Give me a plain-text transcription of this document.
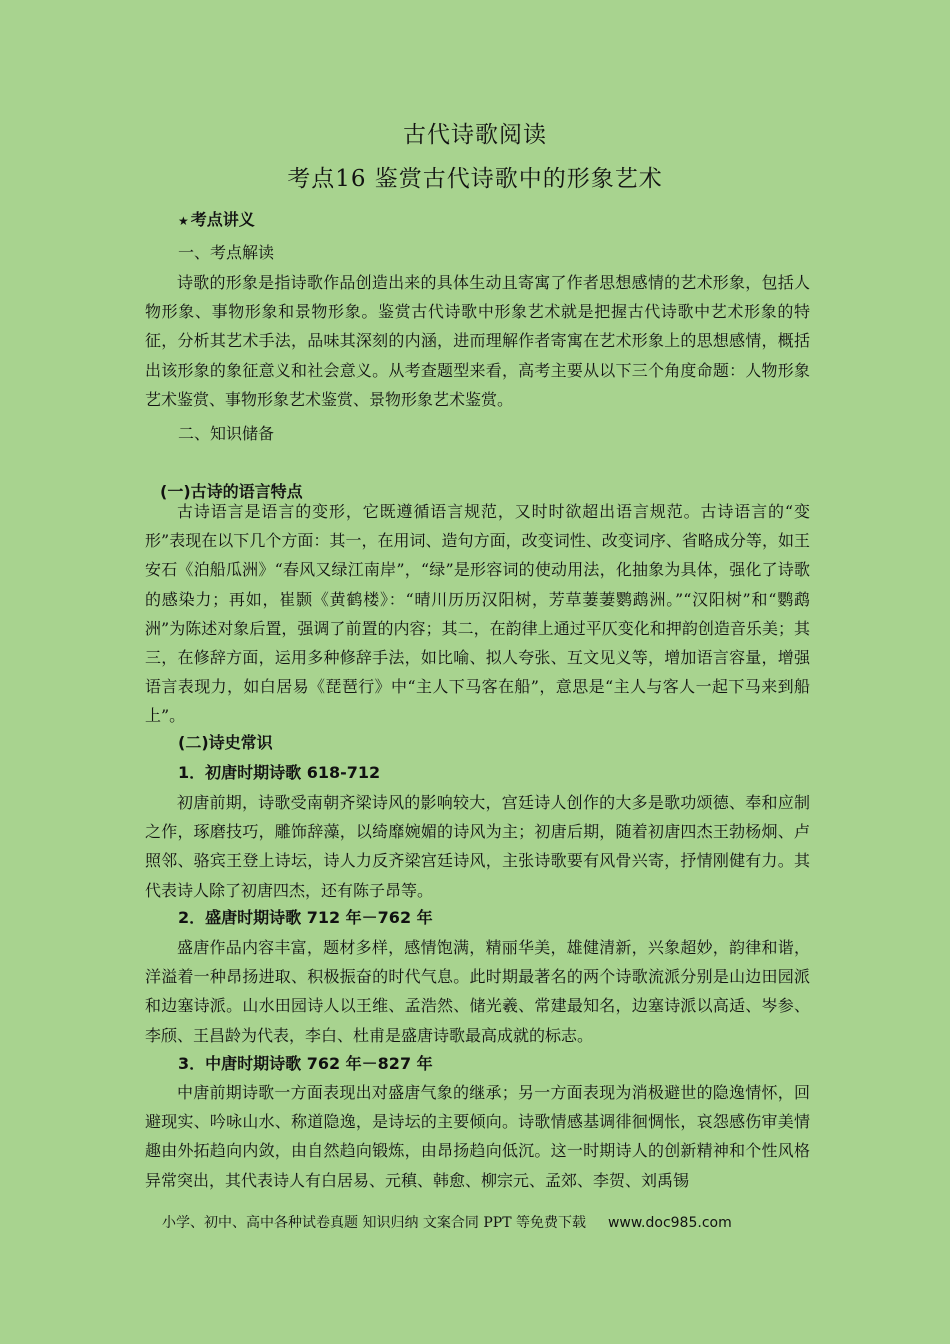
古代诗歌阅读
考点16 鉴赏古代诗歌中的形象艺术
★ 考点讲义
一、考点解读
诗歌的形象是指诗歌作品创造出来的具体生动且寄寓了作者思想感情的艺术形象，包括人物形象、事物形象和景物形象。鉴赏古代诗歌中形象艺术就是把握古代诗歌中艺术形象的特征，分析其艺术手法，品味其深刻的内涵，进而理解作者寄寓在艺术形象上的思想感情，概括出该形象的象征意义和社会意义。从考查题型来看，高考主要从以下三个角度命题：人物形象艺术鉴赏、事物形象艺术鉴赏、景物形象艺术鉴赏。
二、知识储备
(一)古诗的语言特点
古诗语言是语言的变形，它既遵循语言规范，又时时欲超出语言规范。古诗语言的“变形”表现在以下几个方面：其一，在用词、造句方面，改变词性、改变词序、省略成分等，如王安石《泊船瓜洲》“春风又绿江南岸”，“绿”是形容词的使动用法，化抽象为具体，强化了诗歌的感染力；再如，崔颢《黄鹤楼》：“晴川历历汉阳树，芳草萋萋鹦鹉洲。”“汉阳树”和“鹦鹉洲”为陈述对象后置，强调了前置的内容；其二，在韵律上通过平仄变化和押韵创造音乐美；其三，在修辞方面，运用多种修辞手法，如比喻、拟人夸张、互文见义等，增加语言容量，增强语言表现力，如白居易《琵琶行》中“主人下马客在船”，意思是“主人与客人一起下马来到船上”。
(二)诗史常识
1．初唐时期诗歌 618-712
初唐前期，诗歌受南朝齐梁诗风的影响较大，宫廷诗人创作的大多是歌功颂德、奉和应制之作，琢磨技巧，雕饰辞藻，以绮靡婉媚的诗风为主；初唐后期，随着初唐四杰王勃杨炯、卢照邻、骆宾王登上诗坛，诗人力反齐梁宫廷诗风，主张诗歌要有风骨兴寄，抒情刚健有力。其代表诗人除了初唐四杰，还有陈子昂等。
2．盛唐时期诗歌 712 年－762 年
盛唐作品内容丰富，题材多样，感情饱满，精丽华美，雄健清新，兴象超妙，韵律和谐，洋溢着一种昂扬进取、积极振奋的时代气息。此时期最著名的两个诗歌流派分别是山边田园派和边塞诗派。山水田园诗人以王维、孟浩然、储光羲、常建最知名，边塞诗派以高适、岑参、李颀、王昌龄为代表，李白、杜甫是盛唐诗歌最高成就的标志。
3．中唐时期诗歌 762 年－827 年
中唐前期诗歌一方面表现出对盛唐气象的继承；另一方面表现为消极避世的隐逸情怀，回避现实、吟咏山水、称道隐逸，是诗坛的主要倾向。诗歌情感基调徘徊惆怅，哀怨感伤审美情趣由外拓趋向内敛，由自然趋向锻炼，由昂扬趋向低沉。这一时期诗人的创新精神和个性风格异常突出，其代表诗人有白居易、元稹、韩愈、柳宗元、孟郊、李贺、刘禹锡
小学、初中、高中各种试卷真题 知识归纳 文案合同 PPT 等免费下载 www.doc985.com
